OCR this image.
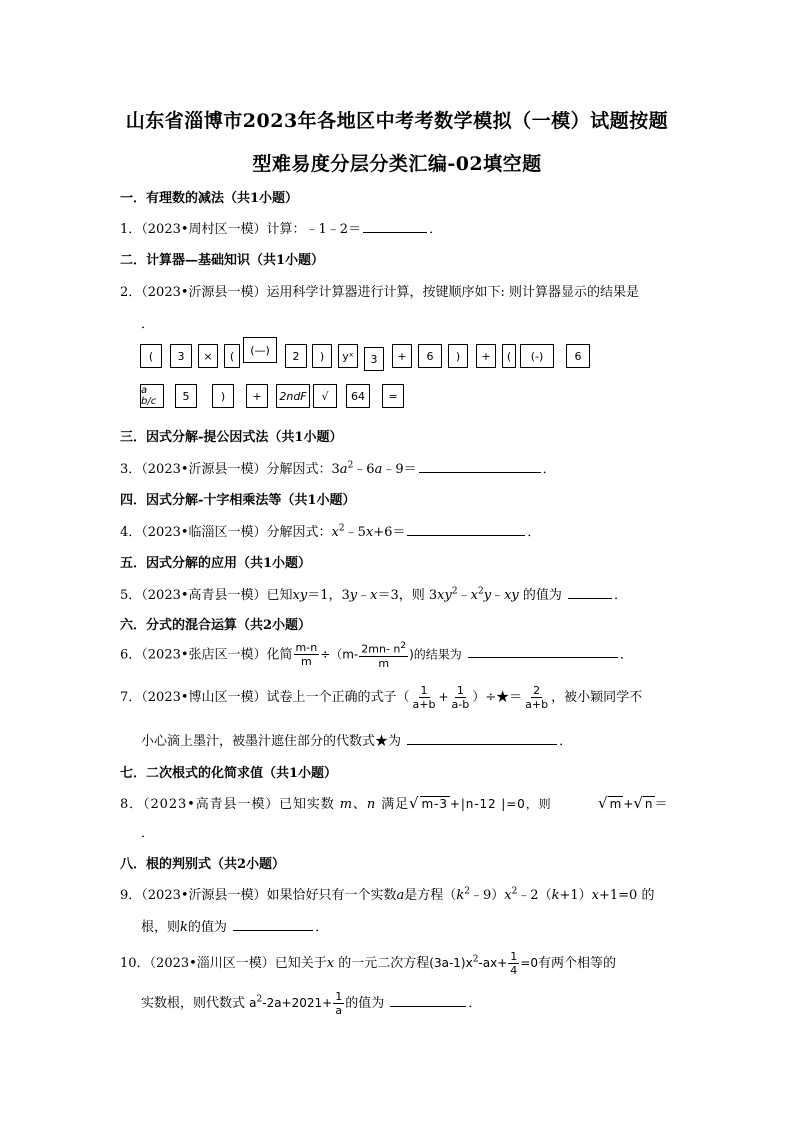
山东省淄博市2023年各地区中考考数学模拟（一模）试题按题
型难易度分层分类汇编-02填空题
一．有理数的减法（共1小题）
1．（2023•周村区一模）计算：﹣1﹣2＝	．
二．计算器—基础知识（共1小题）
2．（2023•沂源县一模）运用科学计算器进行计算，按键顺序如下: 则计算器显示的结果是
．
(	3	×	(	(—)	2	)	yˣ	3	+	6	)	+	(	(-)	6
a b/c	5	)	+	2ndF	√	64	=
三．因式分解-提公因式法（共1小题）
3．（2023•沂源县一模）分解因式：$3a^2﹣6a﹣9=$	．
四．因式分解-十字相乘法等（共1小题）
4．（2023•临淄区一模）分解因式：$x^2﹣5x+6=$	．
五．因式分解的应用（共1小题）
5．（2023•高青县一模）已知xy＝1，3y﹣x＝3，则 $3xy^2﹣x^2y﹣xy$ 的值为	．
六．分式的混合运算（共2小题）
6．（2023•张店区一模）化简 $\frac{m-n}{m} \div(m- \frac{2mn- n^2}{m}$ )的结果为	．
7．（2023•博山区一模）试卷上一个正确的式子（ $\frac{1}{a+b} + \frac{1}{a-b}$ ）÷★＝ $\frac{2}{a+b}$ ，被小颖同学不
小心滴上墨汁，被墨汁遮住部分的代数式★为	．
七．二次根式的化简求值（共1小题）
8．（2023•高青县一模）已知实数 m、n 满足√ m-3 +|n-12 |=0，则	√ m +√ n ＝
．
八．根的判别式（共2小题）
9．（2023•沂源县一模）如果恰好只有一个实数a是方程$(k^2﹣9)x^2﹣2(k+1)x+1=0$ 的
根，则k的值为	．
10．（2023•淄川区一模）已知关于x 的一元二次方程$(3a-1)x^2-ax+ \frac{1}{4} =0$有两个相等的
实数根，则代数式 $a^2-2a+2021+ \frac{1}{a}$ 的值为	．
